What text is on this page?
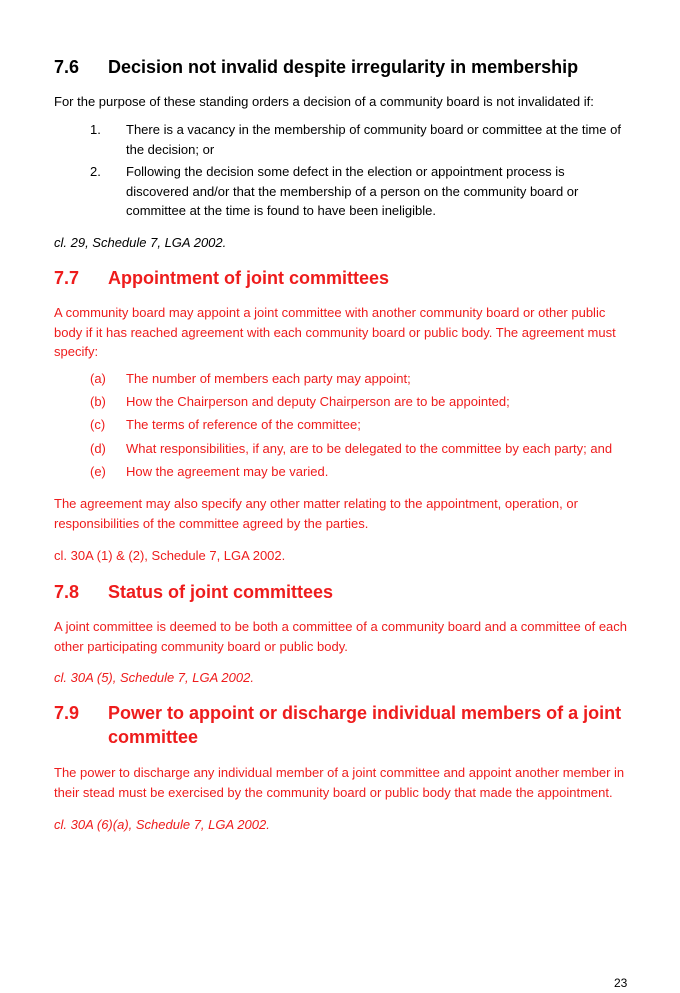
7.6 Decision not invalid despite irregularity in membership
For the purpose of these standing orders a decision of a community board is not invalidated if:
1. There is a vacancy in the membership of community board or committee at the time of the decision; or
2. Following the decision some defect in the election or appointment process is discovered and/or that the membership of a person on the community board or committee at the time is found to have been ineligible.
cl. 29, Schedule 7, LGA 2002.
7.7 Appointment of joint committees
A community board may appoint a joint committee with another community board or other public body if it has reached agreement with each community board or public body. The agreement must specify:
(a) The number of members each party may appoint;
(b) How the Chairperson and deputy Chairperson are to be appointed;
(c) The terms of reference of the committee;
(d) What responsibilities, if any, are to be delegated to the committee by each party; and
(e) How the agreement may be varied.
The agreement may also specify any other matter relating to the appointment, operation, or responsibilities of the committee agreed by the parties.
cl. 30A (1) & (2), Schedule 7, LGA 2002.
7.8 Status of joint committees
A joint committee is deemed to be both a committee of a community board and a committee of each other participating community board or public body.
cl. 30A (5), Schedule 7, LGA 2002.
7.9 Power to appoint or discharge individual members of a joint committee
The power to discharge any individual member of a joint committee and appoint another member in their stead must be exercised by the community board or public body that made the appointment.
cl. 30A (6)(a), Schedule 7, LGA 2002.
23
